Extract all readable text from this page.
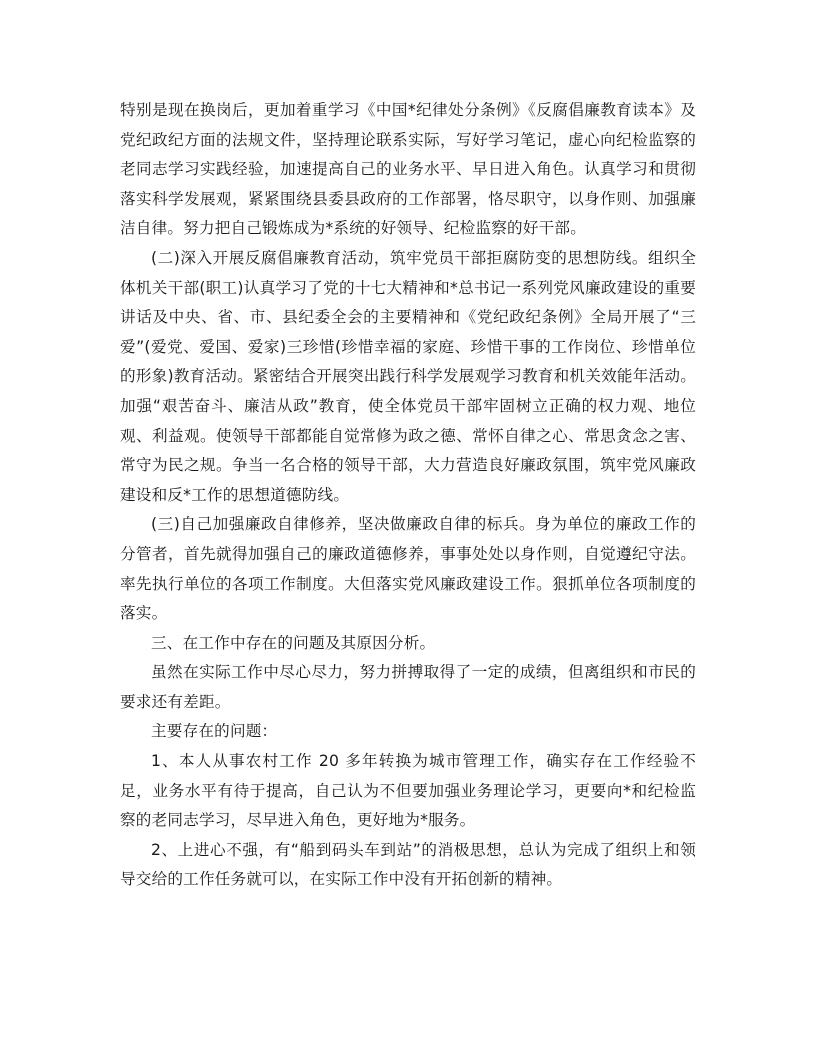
特别是现在换岗后，更加着重学习《中国*纪律处分条例》《反腐倡廉教育读本》及党纪政纪方面的法规文件，坚持理论联系实际，写好学习笔记，虚心向纪检监察的老同志学习实践经验，加速提高自己的业务水平、早日进入角色。认真学习和贯彻落实科学发展观，紧紧围绕县委县政府的工作部署，恪尽职守，以身作则、加强廉洁自律。努力把自己锻炼成为*系统的好领导、纪检监察的好干部。

(二)深入开展反腐倡廉教育活动，筑牢党员干部拒腐防变的思想防线。组织全体机关干部(职工)认真学习了党的十七大精神和*总书记一系列党风廉政建设的重要讲话及中央、省、市、县纪委全会的主要精神和《党纪政纪条例》全局开展了“三爱”(爱党、爱国、爱家)三珍惜(珍惜幸福的家庭、珍惜干事的工作岗位、珍惜单位的形象)教育活动。紧密结合开展突出践行科学发展观学习教育和机关效能年活动。加强“艰苦奋斗、廉洁从政”教育，使全体党员干部牢固树立正确的权力观、地位观、利益观。使领导干部都能自觉常修为政之德、常怀自律之心、常思贪念之害、常守为民之规。争当一名合格的领导干部，大力营造良好廉政氛围，筑牢党风廉政建设和反*工作的思想道德防线。

(三)自己加强廉政自律修养，坚决做廉政自律的标兵。身为单位的廉政工作的分管者，首先就得加强自己的廉政道德修养，事事处处以身作则，自觉遵纪守法。率先执行单位的各项工作制度。大但落实党风廉政建设工作。狠抓单位各项制度的落实。

三、在工作中存在的问题及其原因分析。

虽然在实际工作中尽心尽力，努力拼搏取得了一定的成绩，但离组织和市民的要求还有差距。

主要存在的问题：

1、本人从事农村工作 20 多年转换为城市管理工作，确实存在工作经验不足，业务水平有待于提高，自己认为不但要加强业务理论学习，更要向*和纪检监察的老同志学习，尽早进入角色，更好地为*服务。

2、上进心不强，有“船到码头车到站”的消极思想，总认为完成了组织上和领导交给的工作任务就可以，在实际工作中没有开拓创新的精神。
